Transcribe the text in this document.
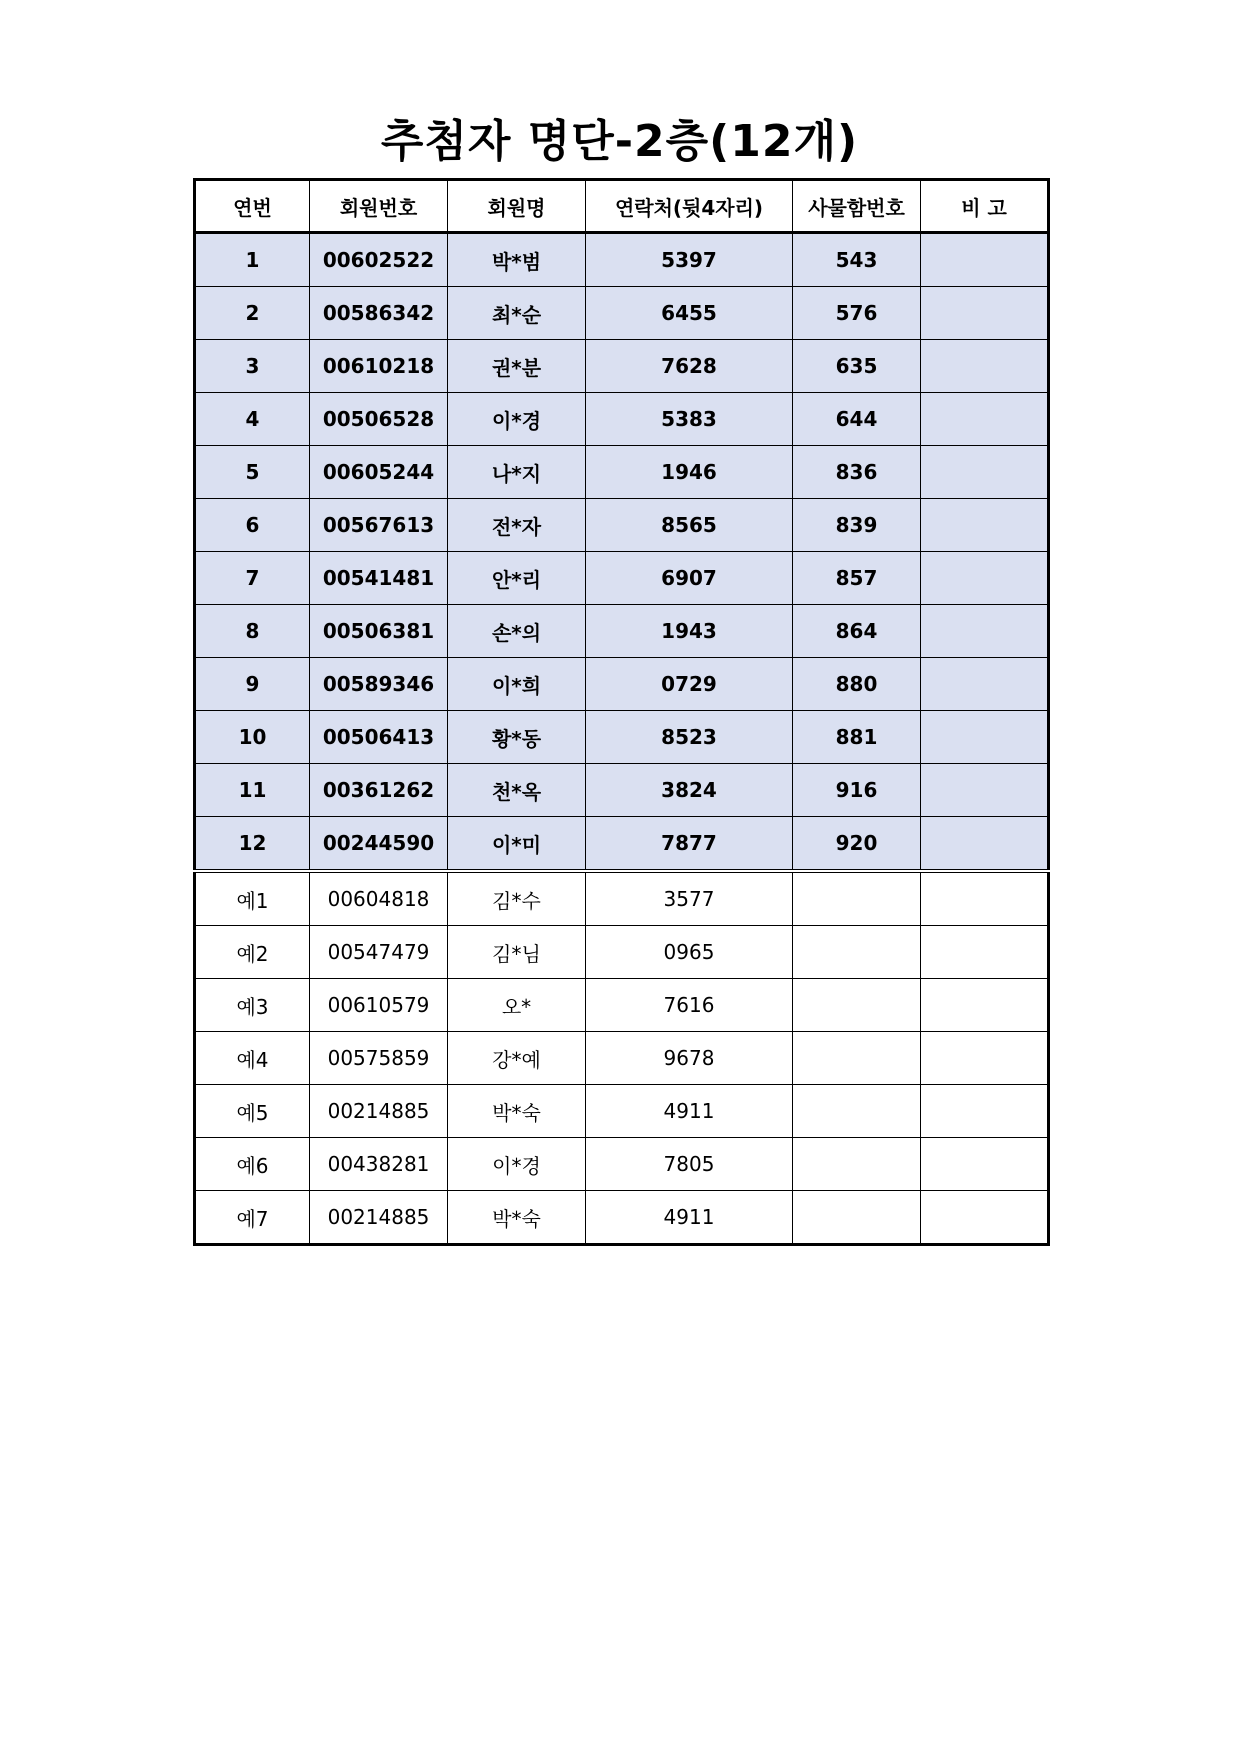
추첨자 명단-2층(12개)
연번	회원번호	회원명	연락처(뒷4자리)	사물함번호	비 고
1	00602522	박*범	5397	543	
2	00586342	최*순	6455	576	
3	00610218	권*분	7628	635	
4	00506528	이*경	5383	644	
5	00605244	나*지	1946	836	
6	00567613	전*자	8565	839	
7	00541481	안*리	6907	857	
8	00506381	손*의	1943	864	
9	00589346	이*희	0729	880	
10	00506413	황*동	8523	881	
11	00361262	천*옥	3824	916	
12	00244590	이*미	7877	920	
예1	00604818	김*수	3577		
예2	00547479	김*님	0965		
예3	00610579	오*	7616		
예4	00575859	강*예	9678		
예5	00214885	박*숙	4911		
예6	00438281	이*경	7805		
예7	00214885	박*숙	4911		
